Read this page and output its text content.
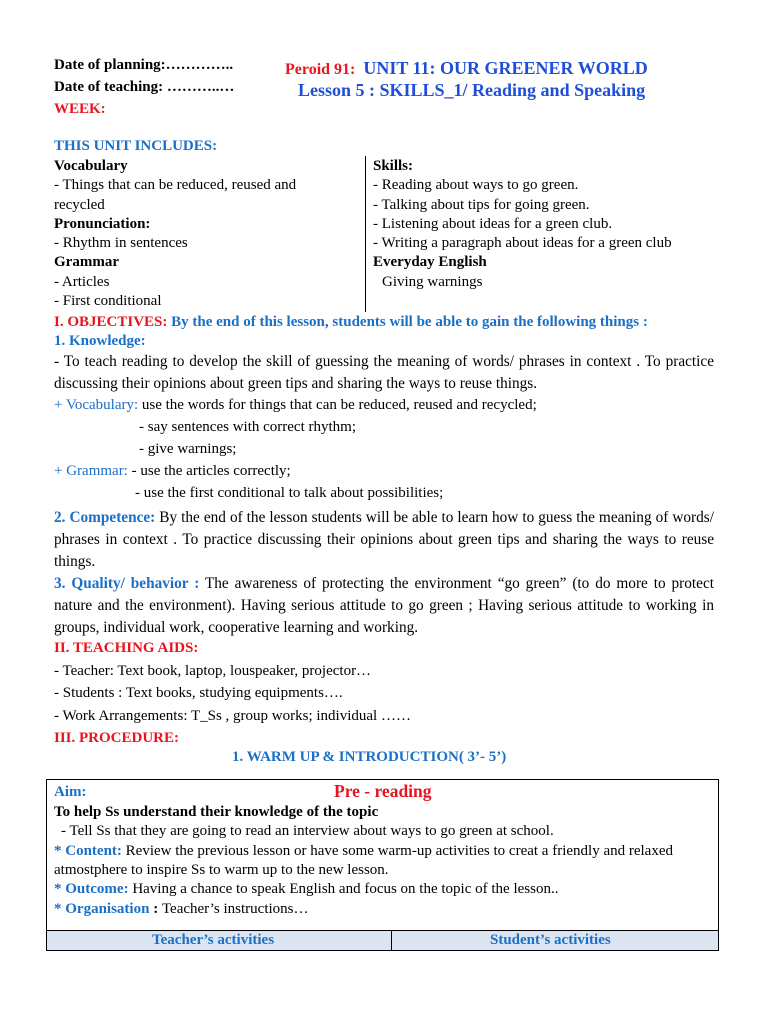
Date of planning:…………..
Date of teaching: ………..…
WEEK:
Peroid 91: UNIT 11: OUR GREENER WORLD
Lesson 5 : SKILLS_1/ Reading and Speaking
THIS UNIT INCLUDES:
Vocabulary
- Things that can be reduced, reused and
recycled
Pronunciation:
- Rhythm in sentences
Grammar
- Articles
- First conditional
Skills:
- Reading about ways to go green.
- Talking about tips for going green.
- Listening about ideas for a green club.
- Writing a paragraph about ideas for a green club
Everyday English
Giving warnings
I. OBJECTIVES: By the end of this lesson, students will be able to gain the following things :
1. Knowledge:
- To teach reading to develop the skill of guessing the meaning of words/ phrases in context . To practice discussing their opinions about green tips and sharing the ways to reuse things.
+ Vocabulary: use the words for things that can be reduced, reused and recycled;
- say sentences with correct rhythm;
- give warnings;
+ Grammar: - use the articles correctly;
- use the first conditional to talk about possibilities;
2. Competence: By the end of the lesson students will be able to learn how to guess the meaning of words/ phrases in context . To practice discussing their opinions about green tips and sharing the ways to reuse things.
3. Quality/ behavior : The awareness of protecting the environment “go green” (to do more to protect nature and the environment). Having serious attitude to go green ; Having serious attitude to working in groups, individual work, cooperative learning and working.
II. TEACHING AIDS:
- Teacher: Text book, laptop, louspeaker, projector…
- Students : Text books, studying equipments….
- Work Arrangements: T_Ss , group works; individual ……
III. PROCEDURE:
1. WARM UP & INTRODUCTION( 3’- 5’)
Aim:	Pre - reading
To help Ss understand their knowledge of the topic
- Tell Ss that they are going to read an interview about ways to go green at school.
* Content: Review the previous lesson or have some warm-up activities to creat a friendly and relaxed atmostphere to inspire Ss to warm up to the new lesson.
* Outcome: Having a chance to speak English and focus on the topic of the lesson..
* Organisation : Teacher’s instructions…
Teacher’s activities	Student’s activities
